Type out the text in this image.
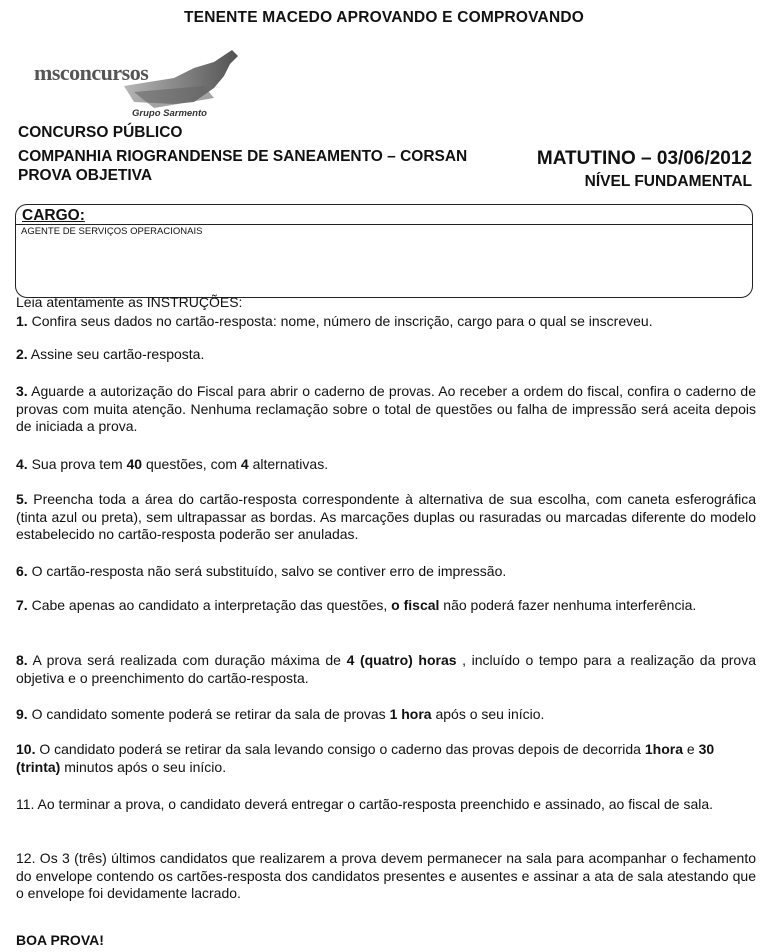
TENENTE MACEDO APROVANDO E COMPROVANDO
msconcursos
Grupo Sarmento
CONCURSO PÚBLICO
COMPANHIA RIOGRANDENSE DE SANEAMENTO – CORSAN
PROVA OBJETIVA
MATUTINO – 03/06/2012
NÍVEL FUNDAMENTAL
CARGO:
AGENTE DE SERVIÇOS OPERACIONAIS
Leia atentamente as INSTRUÇÕES:
1. Confira seus dados no cartão-resposta: nome, número de inscrição, cargo para o qual se inscreveu.
2. Assine seu cartão-resposta.
3. Aguarde a autorização do Fiscal para abrir o caderno de provas. Ao receber a ordem do fiscal, confira o caderno de provas com muita atenção. Nenhuma reclamação sobre o total de questões ou falha de impressão será aceita depois de iniciada a prova.
4. Sua prova tem 40 questões, com 4 alternativas.
5. Preencha toda a área do cartão-resposta correspondente à alternativa de sua escolha, com caneta esferográfica (tinta azul ou preta), sem ultrapassar as bordas. As marcações duplas ou rasuradas ou marcadas diferente do modelo estabelecido no cartão-resposta poderão ser anuladas.
6. O cartão-resposta não será substituído, salvo se contiver erro de impressão.
7. Cabe apenas ao candidato a interpretação das questões, o fiscal não poderá fazer nenhuma interferência.
8. A prova será realizada com duração máxima de 4 (quatro) horas , incluído o tempo para a realização da prova objetiva e o preenchimento do cartão-resposta.
9. O candidato somente poderá se retirar da sala de provas 1 hora após o seu início.
10. O candidato poderá se retirar da sala levando consigo o caderno das provas depois de decorrida 1hora e 30 (trinta) minutos após o seu início.
11. Ao terminar a prova, o candidato deverá entregar o cartão-resposta preenchido e assinado, ao fiscal de sala.
12. Os 3 (três) últimos candidatos que realizarem a prova devem permanecer na sala para acompanhar o fechamento do envelope contendo os cartões-resposta dos candidatos presentes e ausentes e assinar a ata de sala atestando que o envelope foi devidamente lacrado.
BOA PROVA!
